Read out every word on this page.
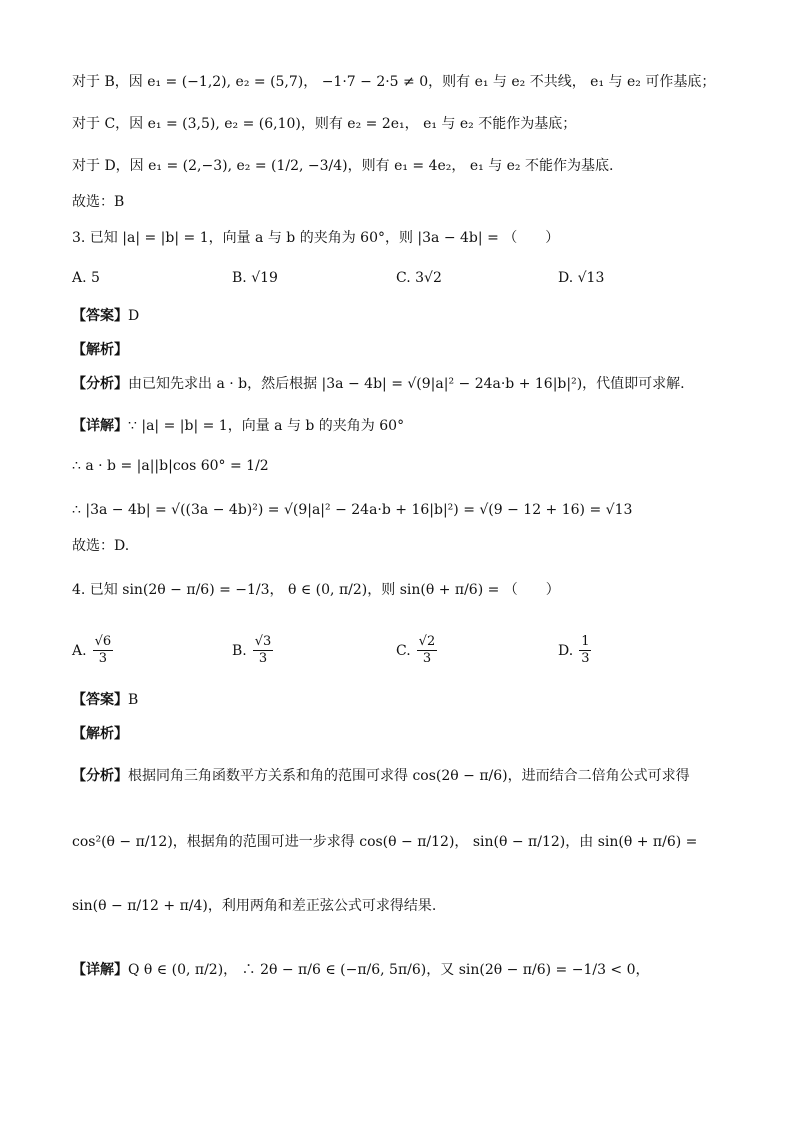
对于 B，因 e₁ = (−1,2), e₂ = (5,7)， −1·7 − 2·5 ≠ 0，则有 e₁ 与 e₂ 不共线， e₁ 与 e₂ 可作基底；
对于 C，因 e₁ = (3,5), e₂ = (6,10)，则有 e₂ = 2e₁， e₁ 与 e₂ 不能作为基底；
对于 D，因 e₁ = (2,−3), e₂ = (1/2, −3/4)，则有 e₁ = 4e₂， e₁ 与 e₂ 不能作为基底.
故选：B
3. 已知 |a| = |b| = 1，向量 a 与 b 的夹角为 60°，则 |3a − 4b| = （　　）
A. 5	B. √19	C. 3√2	D. √13
【答案】D
【解析】
【分析】由已知先求出 a · b，然后根据 |3a − 4b| = √(9|a|² − 24a·b + 16|b|²)，代值即可求解.
【详解】∵ |a| = |b| = 1，向量 a 与 b 的夹角为 60°
∴ a · b = |a||b|cos 60° = 1/2
∴ |3a − 4b| = √((3a − 4b)²) = √(9|a|² − 24a·b + 16|b|²) = √(9 − 12 + 16) = √13
故选：D.
4. 已知 sin(2θ − π/6) = −1/3， θ ∈ (0, π/2)，则 sin(θ + π/6) = （　　）
A. $\frac{√6}{3}$	B. $\frac{√3}{3}$	C. $\frac{√2}{3}$	D. $\frac{1}{3}$
【答案】B
【解析】
【分析】根据同角三角函数平方关系和角的范围可求得 cos(2θ − π/6)，进而结合二倍角公式可求得
cos²(θ − π/12)，根据角的范围可进一步求得 cos(θ − π/12)， sin(θ − π/12)，由 sin(θ + π/6) =
sin(θ − π/12 + π/4)，利用两角和差正弦公式可求得结果.
【详解】Q θ ∈ (0, π/2)， ∴ 2θ − π/6 ∈ (−π/6, 5π/6)，又 sin(2θ − π/6) = −1/3 < 0，
